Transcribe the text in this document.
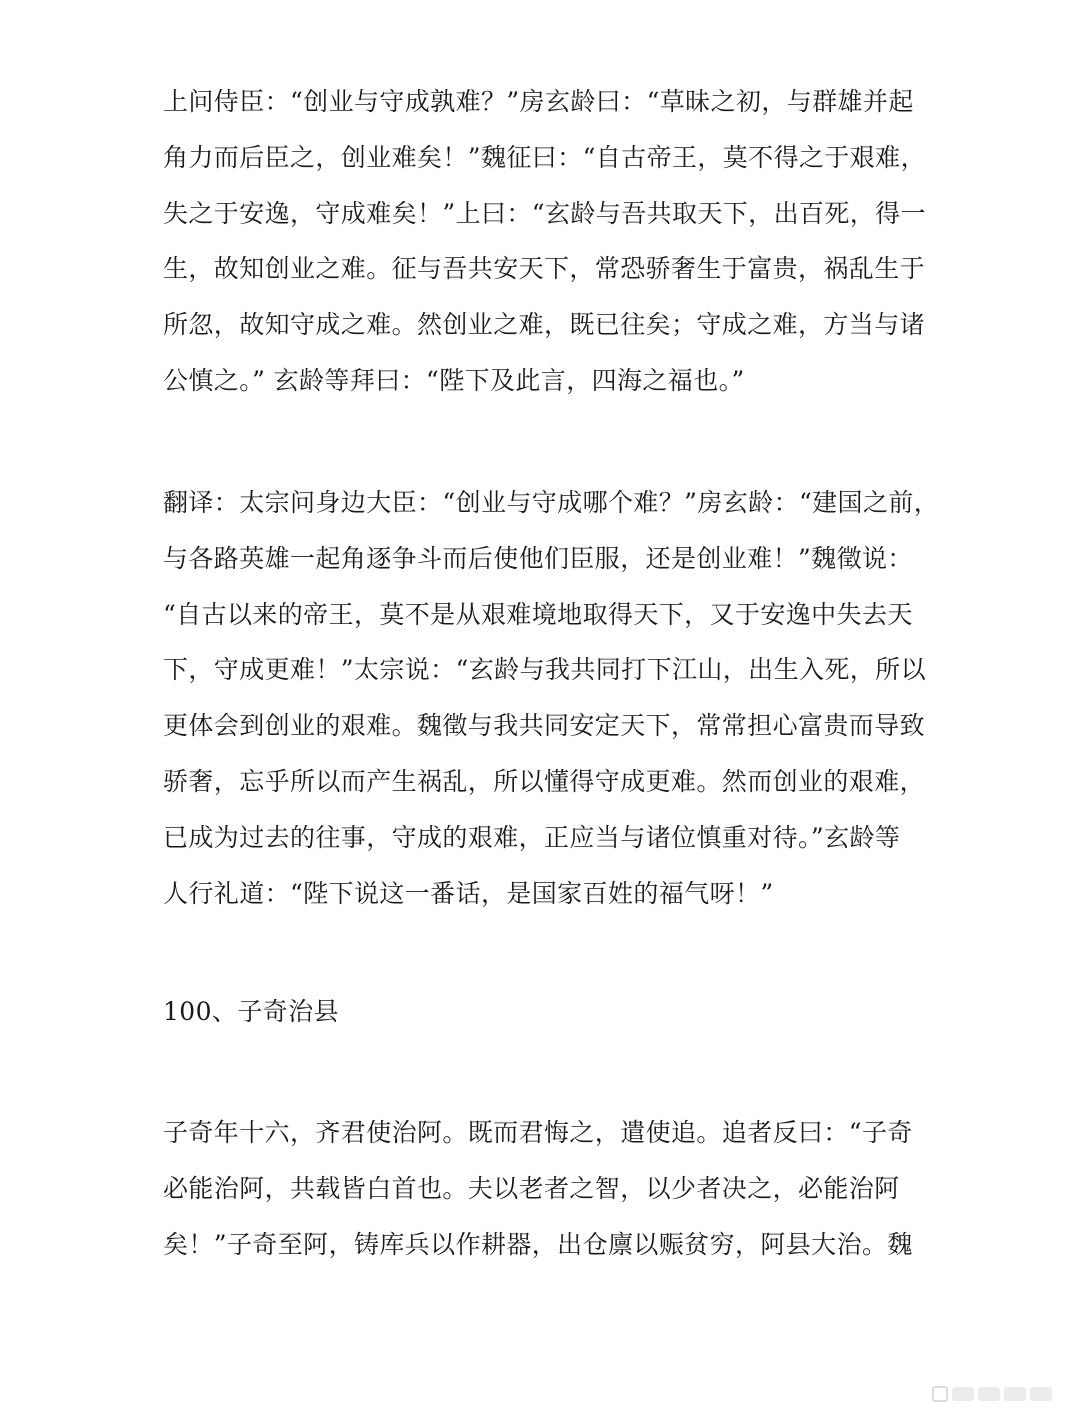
上问侍臣：“创业与守成孰难？”房玄龄曰：“草昧之初，与群雄并起
角力而后臣之，创业难矣！”魏征曰：“自古帝王，莫不得之于艰难，
失之于安逸，守成难矣！”上曰：“玄龄与吾共取天下，出百死，得一
生，故知创业之难。征与吾共安天下，常恐骄奢生于富贵，祸乱生于
所忽，故知守成之难。然创业之难，既已往矣；守成之难，方当与诸
公慎之。” 玄龄等拜曰：“陛下及此言，四海之福也。”
翻译：太宗问身边大臣：“创业与守成哪个难？”房玄龄：“建国之前，
与各路英雄一起角逐争斗而后使他们臣服，还是创业难！”魏徵说：
“自古以来的帝王，莫不是从艰难境地取得天下，又于安逸中失去天
下，守成更难！”太宗说：“玄龄与我共同打下江山，出生入死，所以
更体会到创业的艰难。魏徵与我共同安定天下，常常担心富贵而导致
骄奢，忘乎所以而产生祸乱，所以懂得守成更难。然而创业的艰难，
已成为过去的往事，守成的艰难，正应当与诸位慎重对待。”玄龄等
人行礼道：“陛下说这一番话，是国家百姓的福气呀！”
100、子奇治县
子奇年十六，齐君使治阿。既而君悔之，遣使追。追者反曰：“子奇
必能治阿，共载皆白首也。夫以老者之智，以少者决之，必能治阿
矣！”子奇至阿，铸库兵以作耕器，出仓廪以赈贫穷，阿县大治。魏
